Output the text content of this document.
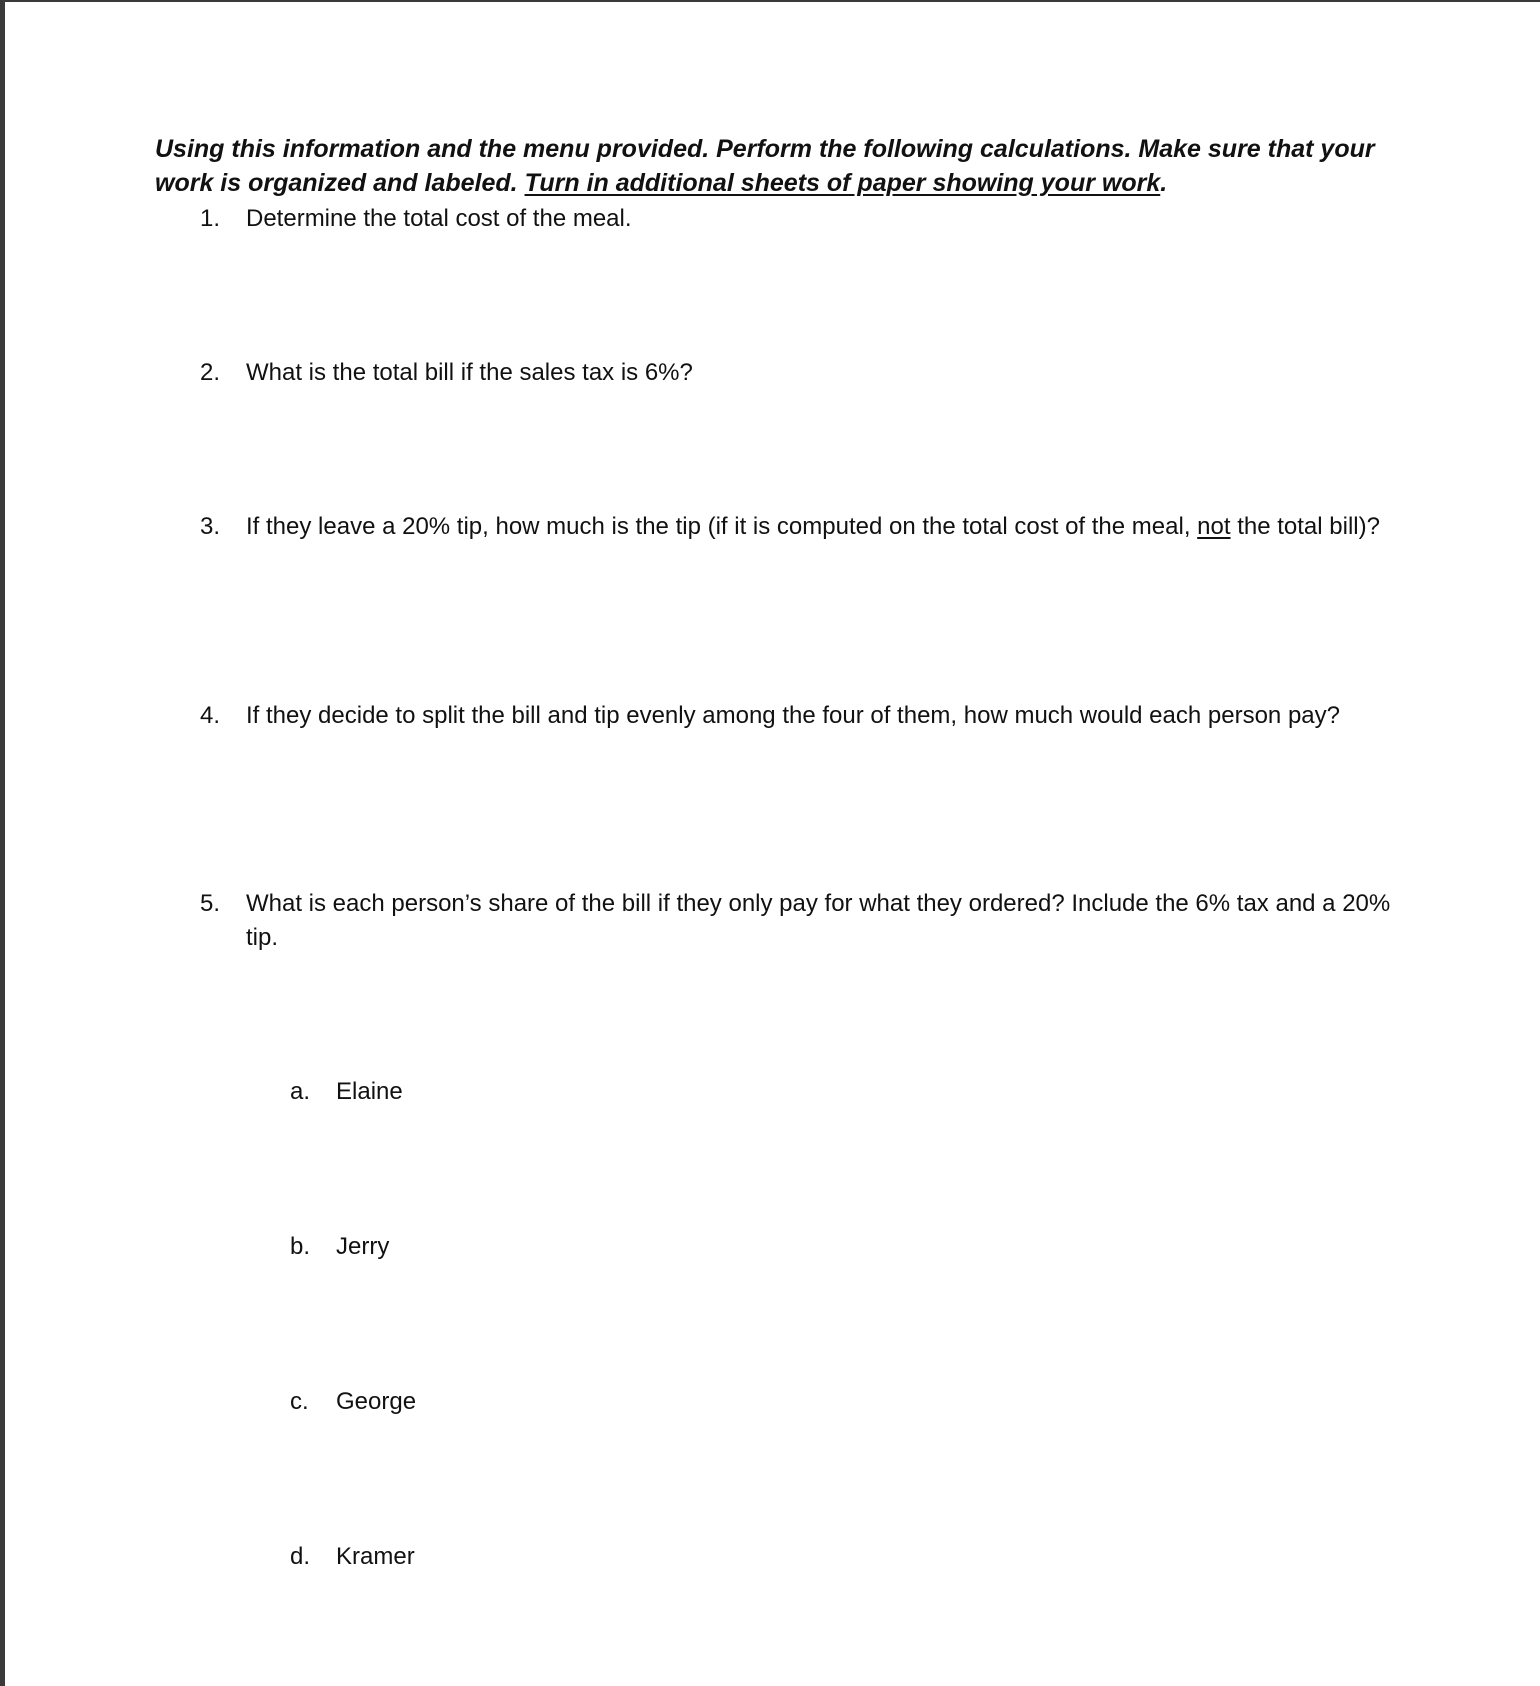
Using this information and the menu provided. Perform the following calculations. Make sure that your work is organized and labeled. Turn in additional sheets of paper showing your work.

1.	Determine the total cost of the meal.
2.	What is the total bill if the sales tax is 6%?
3.	If they leave a 20% tip, how much is the tip (if it is computed on the total cost of the meal, not the total bill)?
4.	If they decide to split the bill and tip evenly among the four of them, how much would each person pay?
5.	What is each person’s share of the bill if they only pay for what they ordered? Include the 6% tax and a 20% tip.
a.	Elaine
b.	Jerry
c.	George
d.	Kramer
